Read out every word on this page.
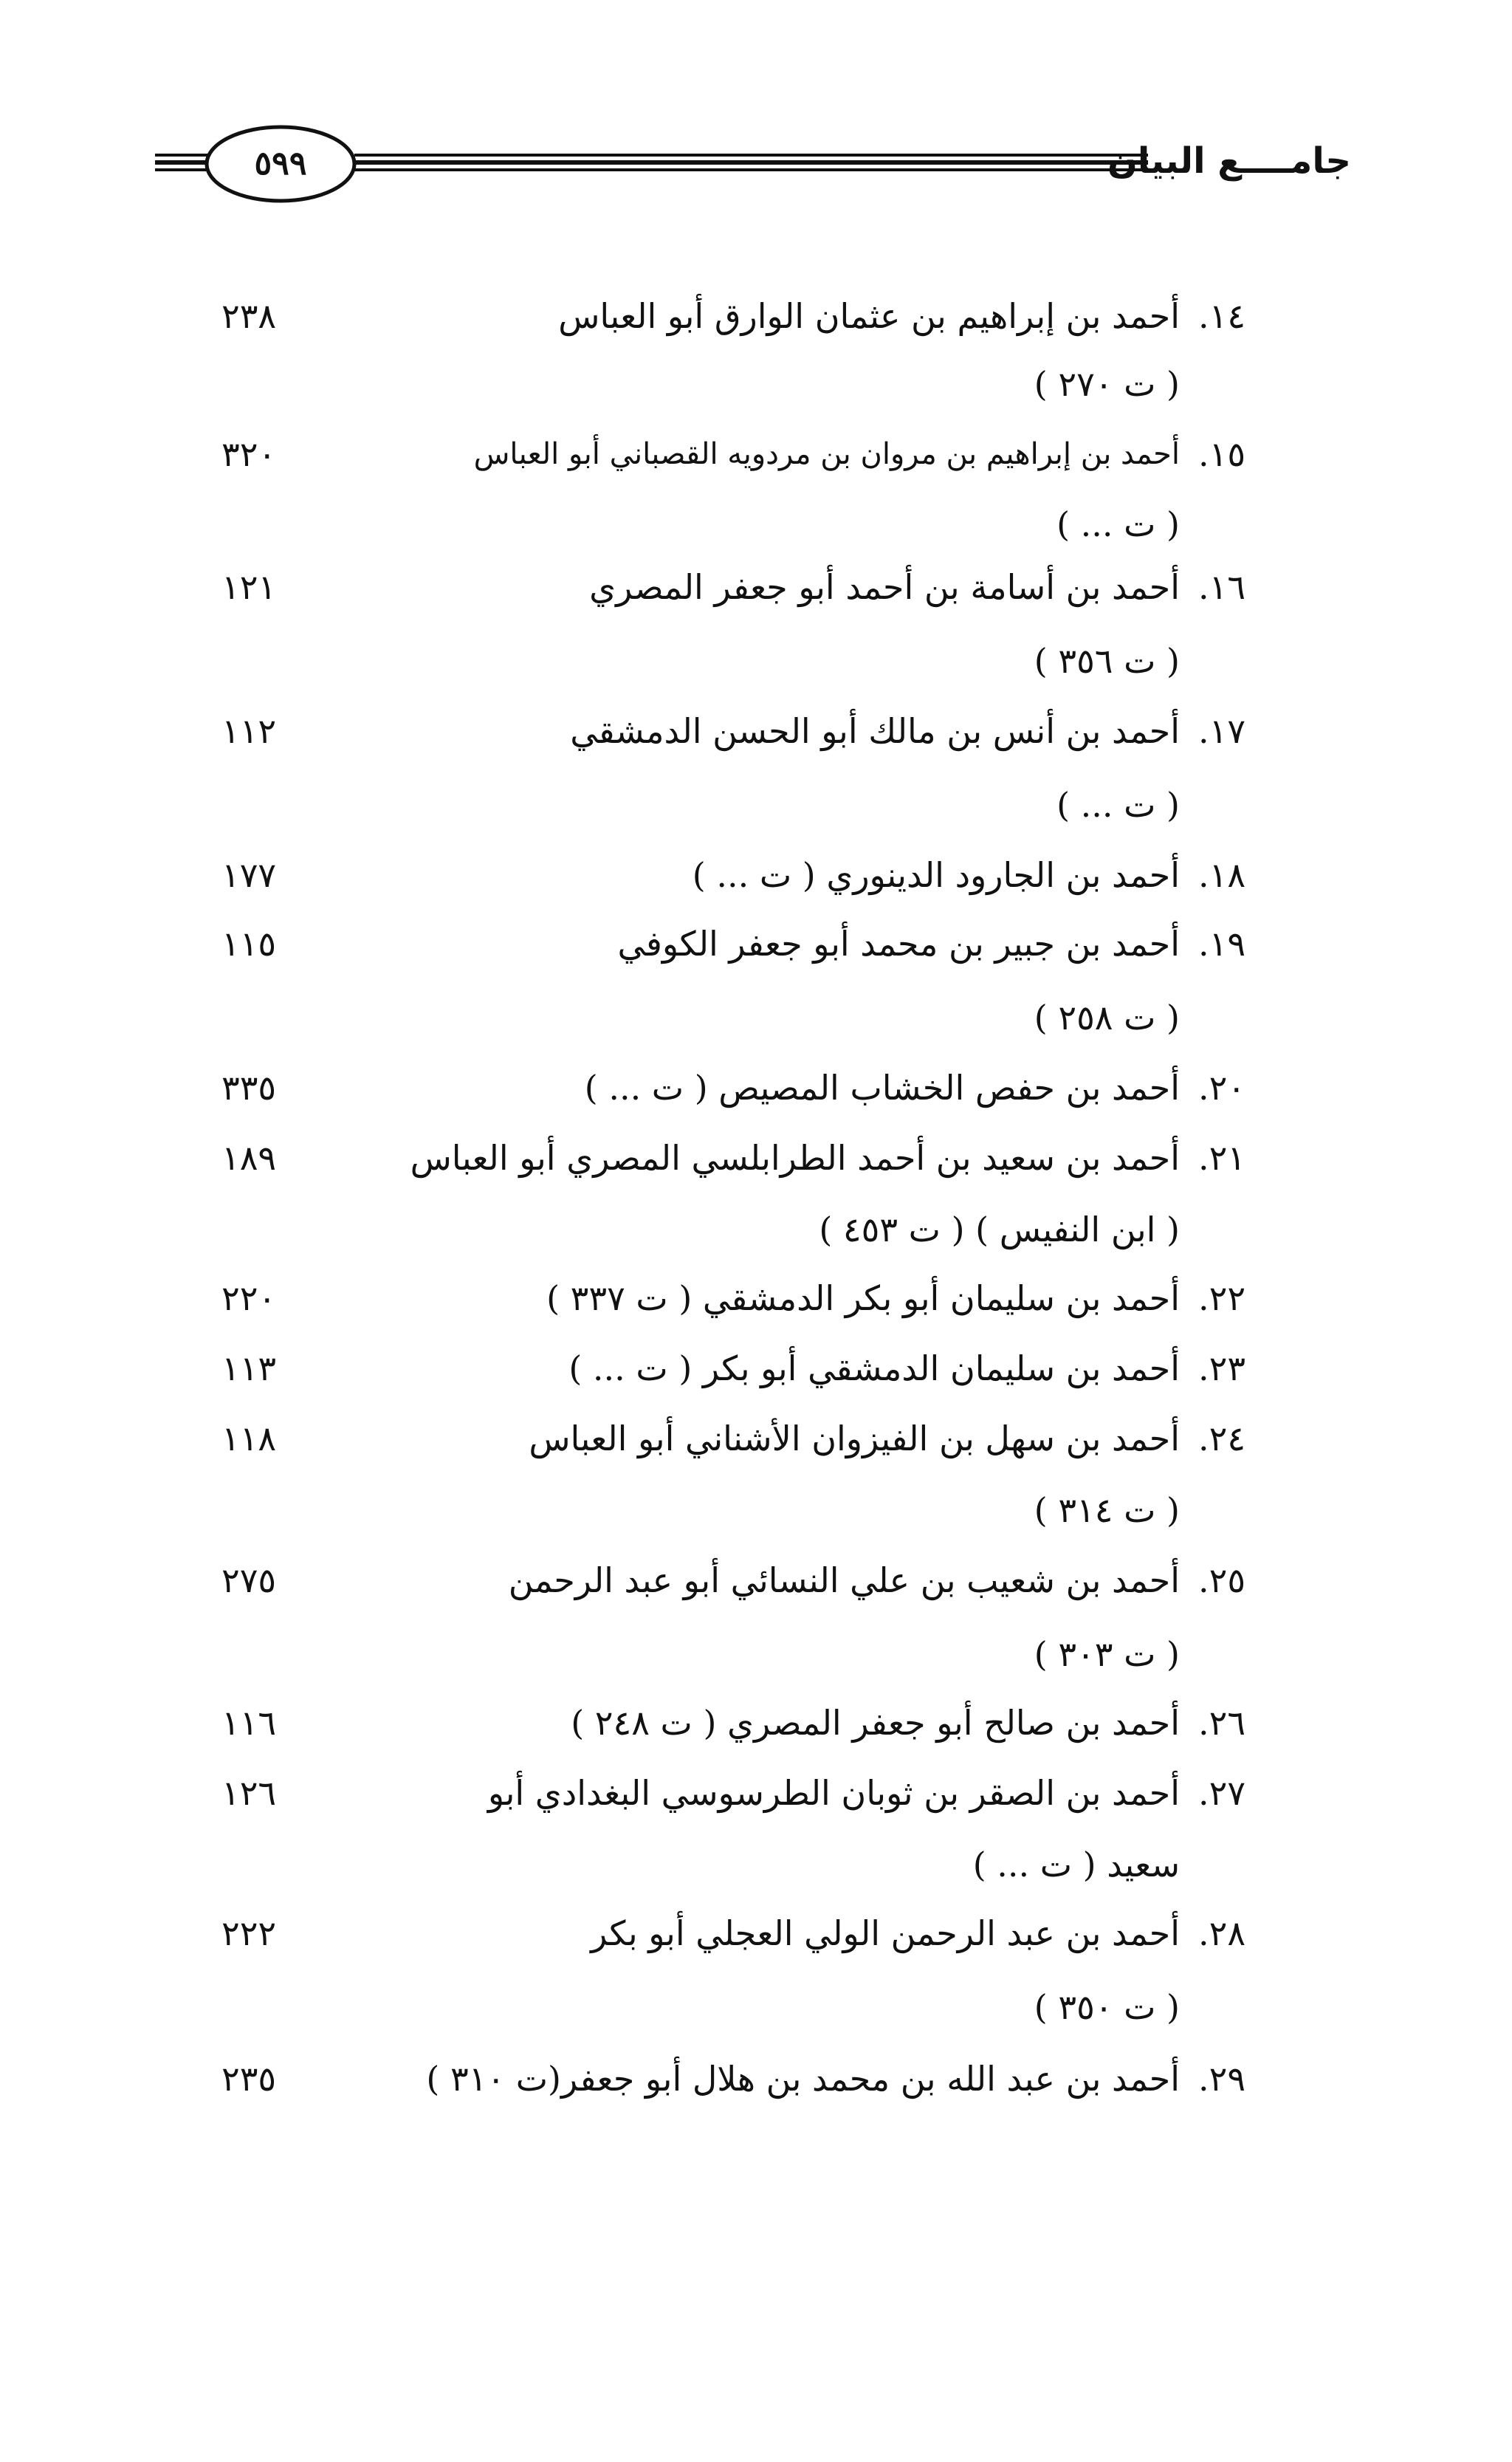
٥٩٩	جامــــع البيان
١٤.
أحمد بن إبراهيم بن عثمان الوارق أبو العباس
٢٣٨
( ت ٢٧٠ )
١٥.
أحمد بن إبراهيم بن مروان بن مردويه القصباني أبو العباس
٣٢٠
( ت ... )
١٦.
أحمد بن أسامة بن أحمد أبو جعفر المصري
١٢١
( ت ٣٥٦ )
١٧.
أحمد بن أنس بن مالك أبو الحسن الدمشقي
١١٢
( ت ... )
١٨.
أحمد بن الجارود الدينوري ( ت ... )
١٧٧
١٩.
أحمد بن جبير بن محمد أبو جعفر الكوفي
١١٥
( ت ٢٥٨ )
٢٠.
أحمد بن حفص الخشاب المصيص ( ت ... )
٣٣٥
٢١.
أحمد بن سعيد بن أحمد الطرابلسي المصري أبو العباس
١٨٩
( ابن النفيس ) ( ت ٤٥٣ )
٢٢.
أحمد بن سليمان أبو بكر الدمشقي ( ت ٣٣٧ )
٢٢٠
٢٣.
أحمد بن سليمان الدمشقي أبو بكر ( ت ... )
١١٣
٢٤.
أحمد بن سهل بن الفيزوان الأشناني أبو العباس
١١٨
( ت ٣١٤ )
٢٥.
أحمد بن شعيب بن علي النسائي أبو عبد الرحمن
٢٧٥
( ت ٣٠٣ )
٢٦.
أحمد بن صالح أبو جعفر المصري ( ت ٢٤٨ )
١١٦
٢٧.
أحمد بن الصقر بن ثوبان الطرسوسي البغدادي أبو
١٢٦
سعيد ( ت ... )
٢٨.
أحمد بن عبد الرحمن الولي العجلي أبو بكر
٢٢٢
( ت ٣٥٠ )
٢٩.
أحمد بن عبد الله بن محمد بن هلال أبو جعفر(ت ٣١٠ )
٢٣٥
